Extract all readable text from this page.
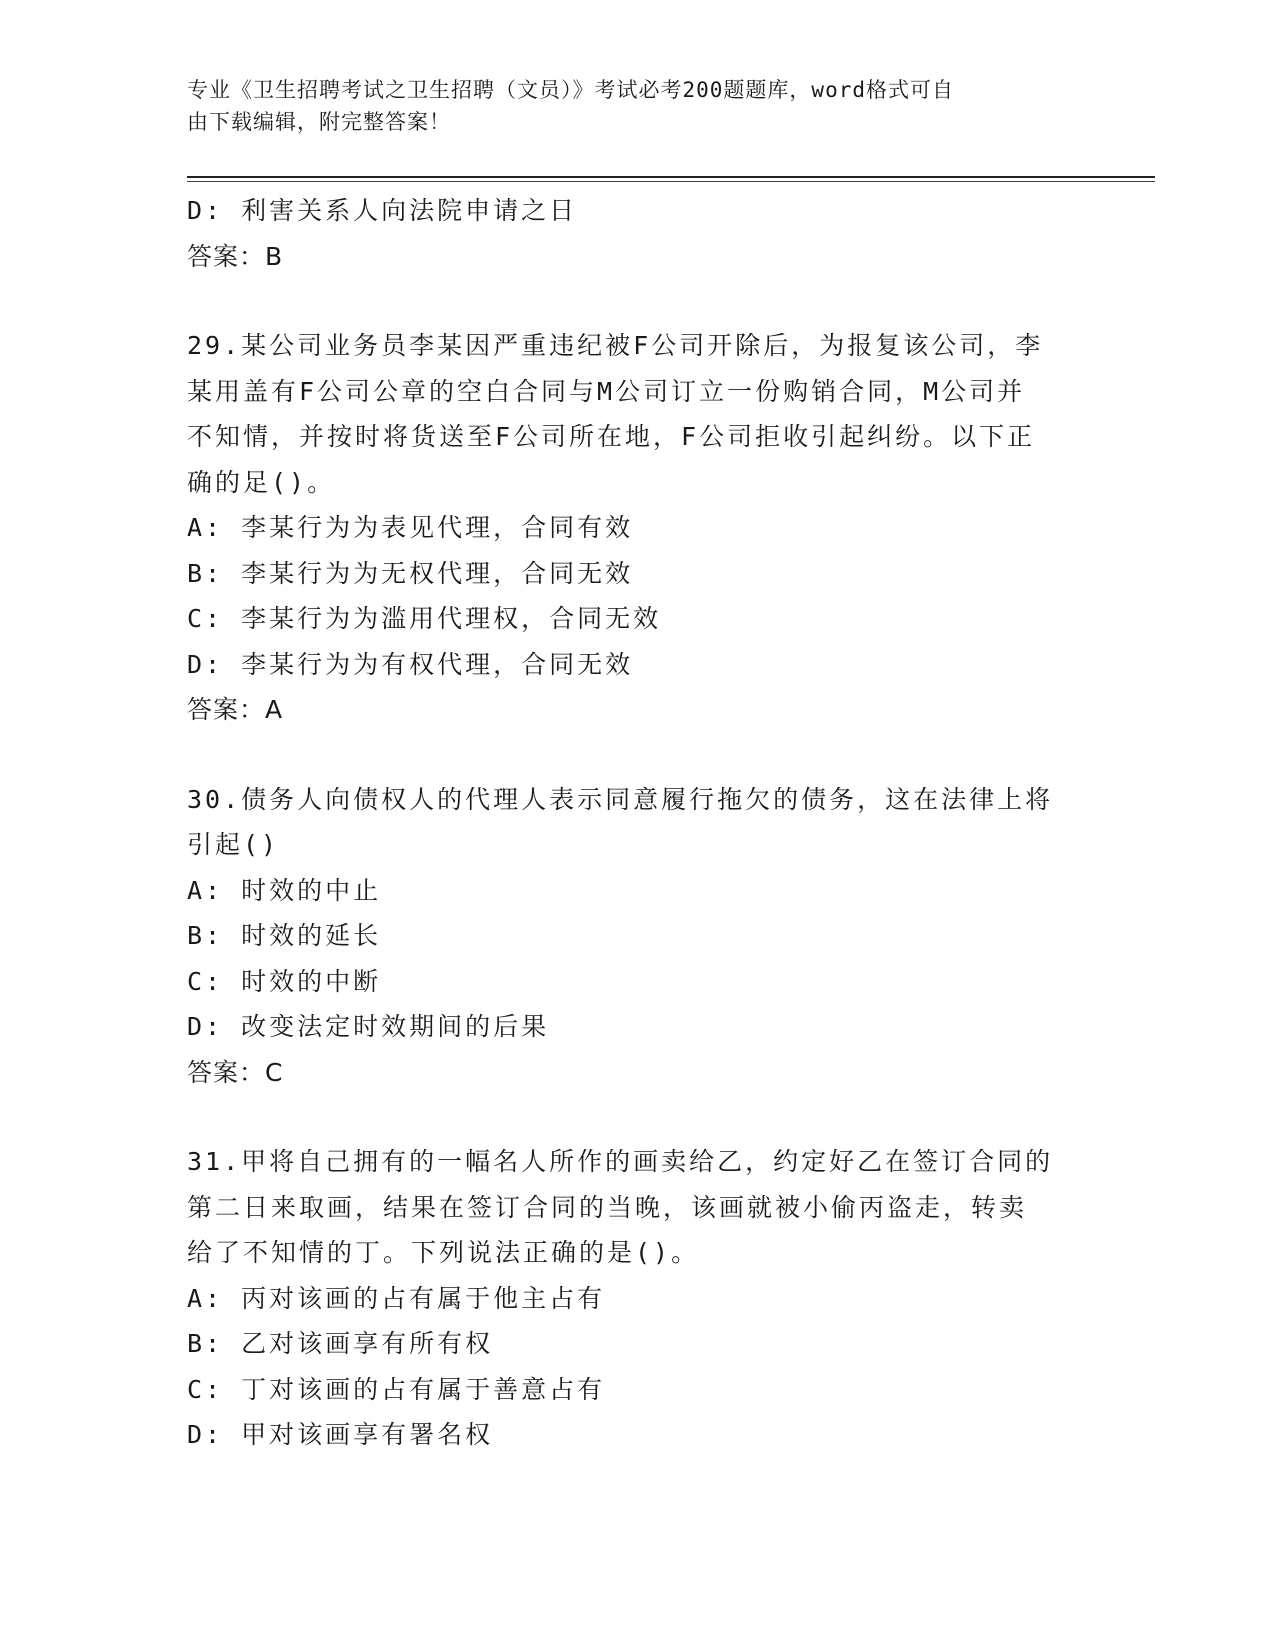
专业《卫生招聘考试之卫生招聘（文员）》考试必考200题题库，word格式可自
由下载编辑，附完整答案！
D: 利害关系人向法院申请之日
答案：B
29.某公司业务员李某因严重违纪被F公司开除后，为报复该公司，李
某用盖有F公司公章的空白合同与M公司订立一份购销合同，M公司并
不知情，并按时将货送至F公司所在地，F公司拒收引起纠纷。以下正
确的足()。
A: 李某行为为表见代理，合同有效
B: 李某行为为无权代理，合同无效
C: 李某行为为滥用代理权，合同无效
D: 李某行为为有权代理，合同无效
答案：A
30.债务人向债权人的代理人表示同意履行拖欠的债务，这在法律上将
引起()
A: 时效的中止
B: 时效的延长
C: 时效的中断
D: 改变法定时效期间的后果
答案：C
31.甲将自己拥有的一幅名人所作的画卖给乙，约定好乙在签订合同的
第二日来取画，结果在签订合同的当晚，该画就被小偷丙盗走，转卖
给了不知情的丁。下列说法正确的是()。
A: 丙对该画的占有属于他主占有
B: 乙对该画享有所有权
C: 丁对该画的占有属于善意占有
D: 甲对该画享有署名权
